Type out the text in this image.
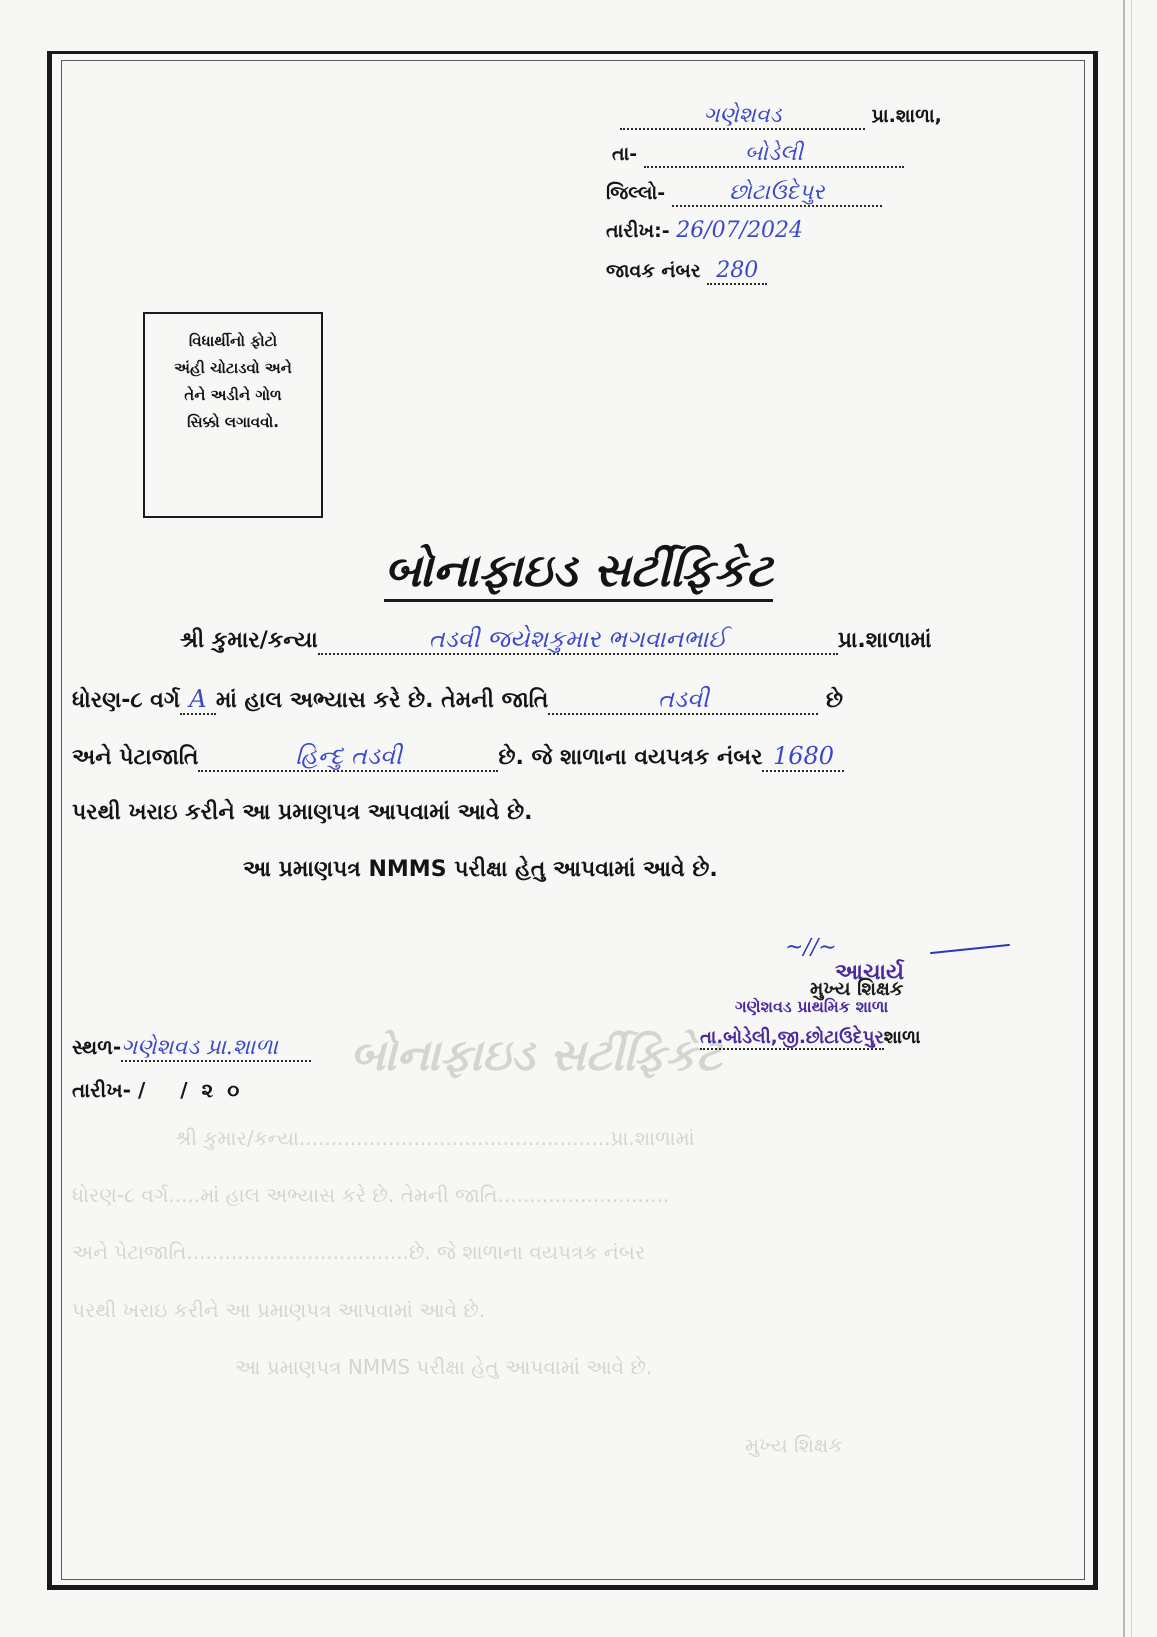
બોનાફાઇડ સર્ટીફિકેટ
શ્રી કુમાર/કન્યા.................................................પ્રા.શાળામાં
ધોરણ-૮ વર્ગ.....માં હાલ અભ્યાસ કરે છે. તેમની જાતિ...........................
અને પેટાજાતિ...................................છે. જે શાળાના વયપત્રક નંબર
પરથી ખરાઇ કરીને આ પ્રમાણપત્ર આપવામાં આવે છે.
આ પ્રમાણપત્ર NMMS પરીક્ષા હેતુ આપવામાં આવે છે.
મુખ્ય શિક્ષક
ગણેશવડ	પ્રા.શાળા,
તા-	બોડેલી
જિલ્લો-	છોટાઉદેપુર
તારીખ:- 26/07/2024
જાવક નંબર 280
વિધાર્થીનો ફોટો
અંહી ચોટાડવો અને
તેને અડીને ગોળ
સિક્કો લગાવવો.
બોનાફાઇડ સર્ટીફિકેટ
શ્રી કુમાર/કન્યા	તડવી જયેશકુમાર ભગવાનભાઈ	પ્રા.શાળામાં
ધોરણ-૮ વર્ગ A માં હાલ અભ્યાસ કરે છે. તેમની જાતિ	તડવી	છે
અને પેટાજાતિ	હિન્દુ તડવી	છે. જે શાળાના વયપત્રક નંબર 1680
પરથી ખરાઇ કરીને આ પ્રમાણપત્ર આપવામાં આવે છે.
આ પ્રમાણપત્ર NMMS પરીક્ષા હેતુ આપવામાં આવે છે.
~∕∕∼
આચાર્ય
મુખ્ય શિક્ષક
ગણેશવડ પ્રાથમિક શાળા
તા.બોડેલી,જી.છોટાઉદેપુરશાળા
સ્થળ-ગણેશવડ પ્રા.શાળા
તારીખ- / /૨૦
